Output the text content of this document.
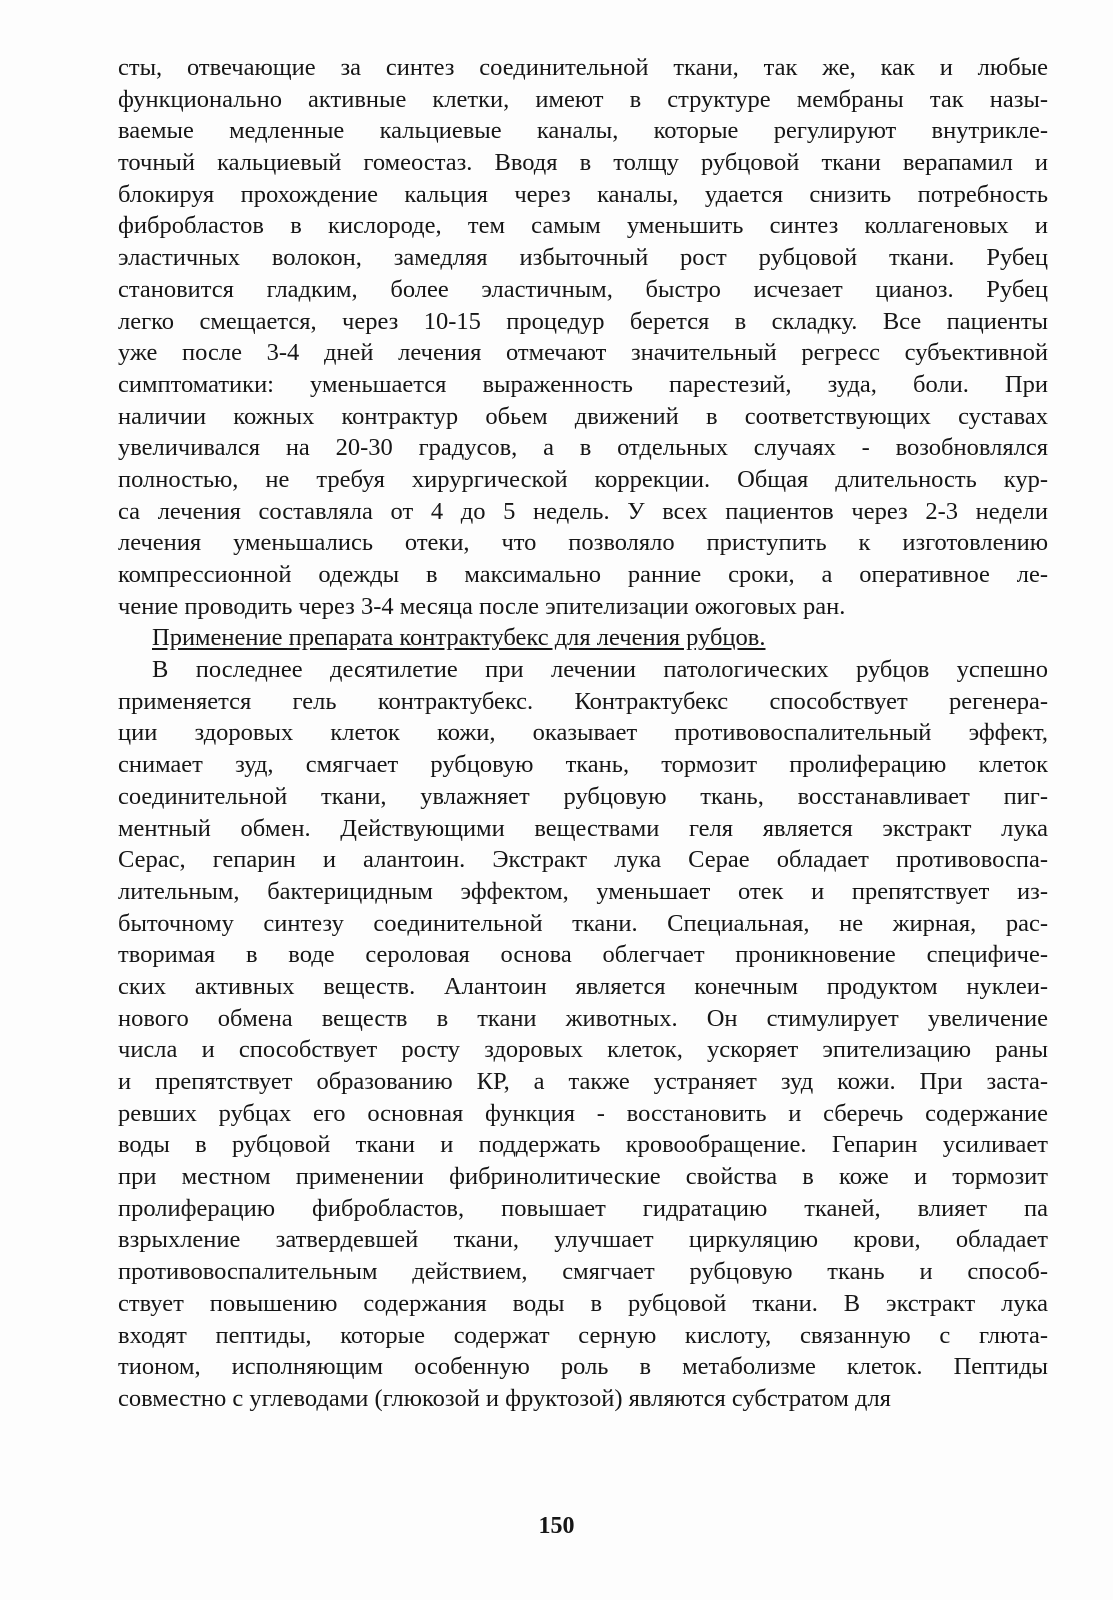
сты, отвечающие за синтез соединительной ткани, так же, как и любые
функционально активные клетки, имеют в структуре мембраны так назы-
ваемые медленные кальциевые каналы, которые регулируют внутрикле-
точный кальциевый гомеостаз. Вводя в толщу рубцовой ткани верапамил и
блокируя прохождение кальция через каналы, удается снизить потребность
фибробластов в кислороде, тем самым уменьшить синтез коллагеновых и
эластичных волокон, замедляя избыточный рост рубцовой ткани. Рубец
становится гладким, более эластичным, быстро исчезает цианоз. Рубец
легко смещается, через 10-15 процедур берется в складку. Все пациенты
уже после 3-4 дней лечения отмечают значительный регресс субъективной
симптоматики: уменьшается выраженность парестезий, зуда, боли. При
наличии кожных контрактур обьем движений в соответствующих суставах
увеличивался на 20-30 градусов, а в отдельных случаях - возобновлялся
полностью, не требуя хирургической коррекции. Общая длительность кур-
са лечения составляла от 4 до 5 недель. У всех пациентов через 2-3 недели
лечения уменьшались отеки, что позволяло приступить к изготовлению
компрессионной одежды в максимально ранние сроки, а оперативное ле-
чение проводить через 3-4 месяца после эпителизации ожоговых ран.
Применение препарата контрактубекс для лечения рубцов.
В последнее десятилетие при лечении патологических рубцов успешно
применяется гель контрактубекс. Контрактубекс способствует регенера-
ции здоровых клеток кожи, оказывает противовоспалительный эффект,
снимает зуд, смягчает рубцовую ткань, тормозит пролиферацию клеток
соединительной ткани, увлажняет рубцовую ткань, восстанавливает пиг-
ментный обмен. Действующими веществами геля является экстракт лука
Серас, гепарин и алантоин. Экстракт лука Серае обладает противовоспа-
лительным, бактерицидным эффектом, уменьшает отек и препятствует из-
быточному синтезу соединительной ткани. Специальная, не жирная, рас-
творимая в воде серoловая основа облегчает проникновение специфиче-
ских активных веществ. Алантоин является конечным продуктом нуклеи-
нового обмена веществ в ткани животных. Он стимулирует увеличение
числа и способствует росту здоровых клеток, ускоряет эпителизацию раны
и препятствует образованию КР, а также устраняет зуд кожи. При заста-
ревших рубцах его основная функция - восстановить и сберечь содержание
воды в рубцовой ткани и поддержать кровообращение. Гепарин усиливает
при местном применении фибринолитические свойства в коже и тормозит
пролиферацию фибробластов, повышает гидратацию тканей, влияет па
взрыхление затвердевшей ткани, улучшает циркуляцию крови, обладает
противовоспалительным действием, смягчает рубцовую ткань и способ-
ствует повышению содержания воды в рубцовой ткани. В экстракт лука
входят пептиды, которые содержат серную кислоту, связанную с глюта-
тионом, исполняющим особенную роль в метаболизме клеток. Пептиды
совместно с углеводами (глюкозой и фруктозой) являются субстратом для
150
